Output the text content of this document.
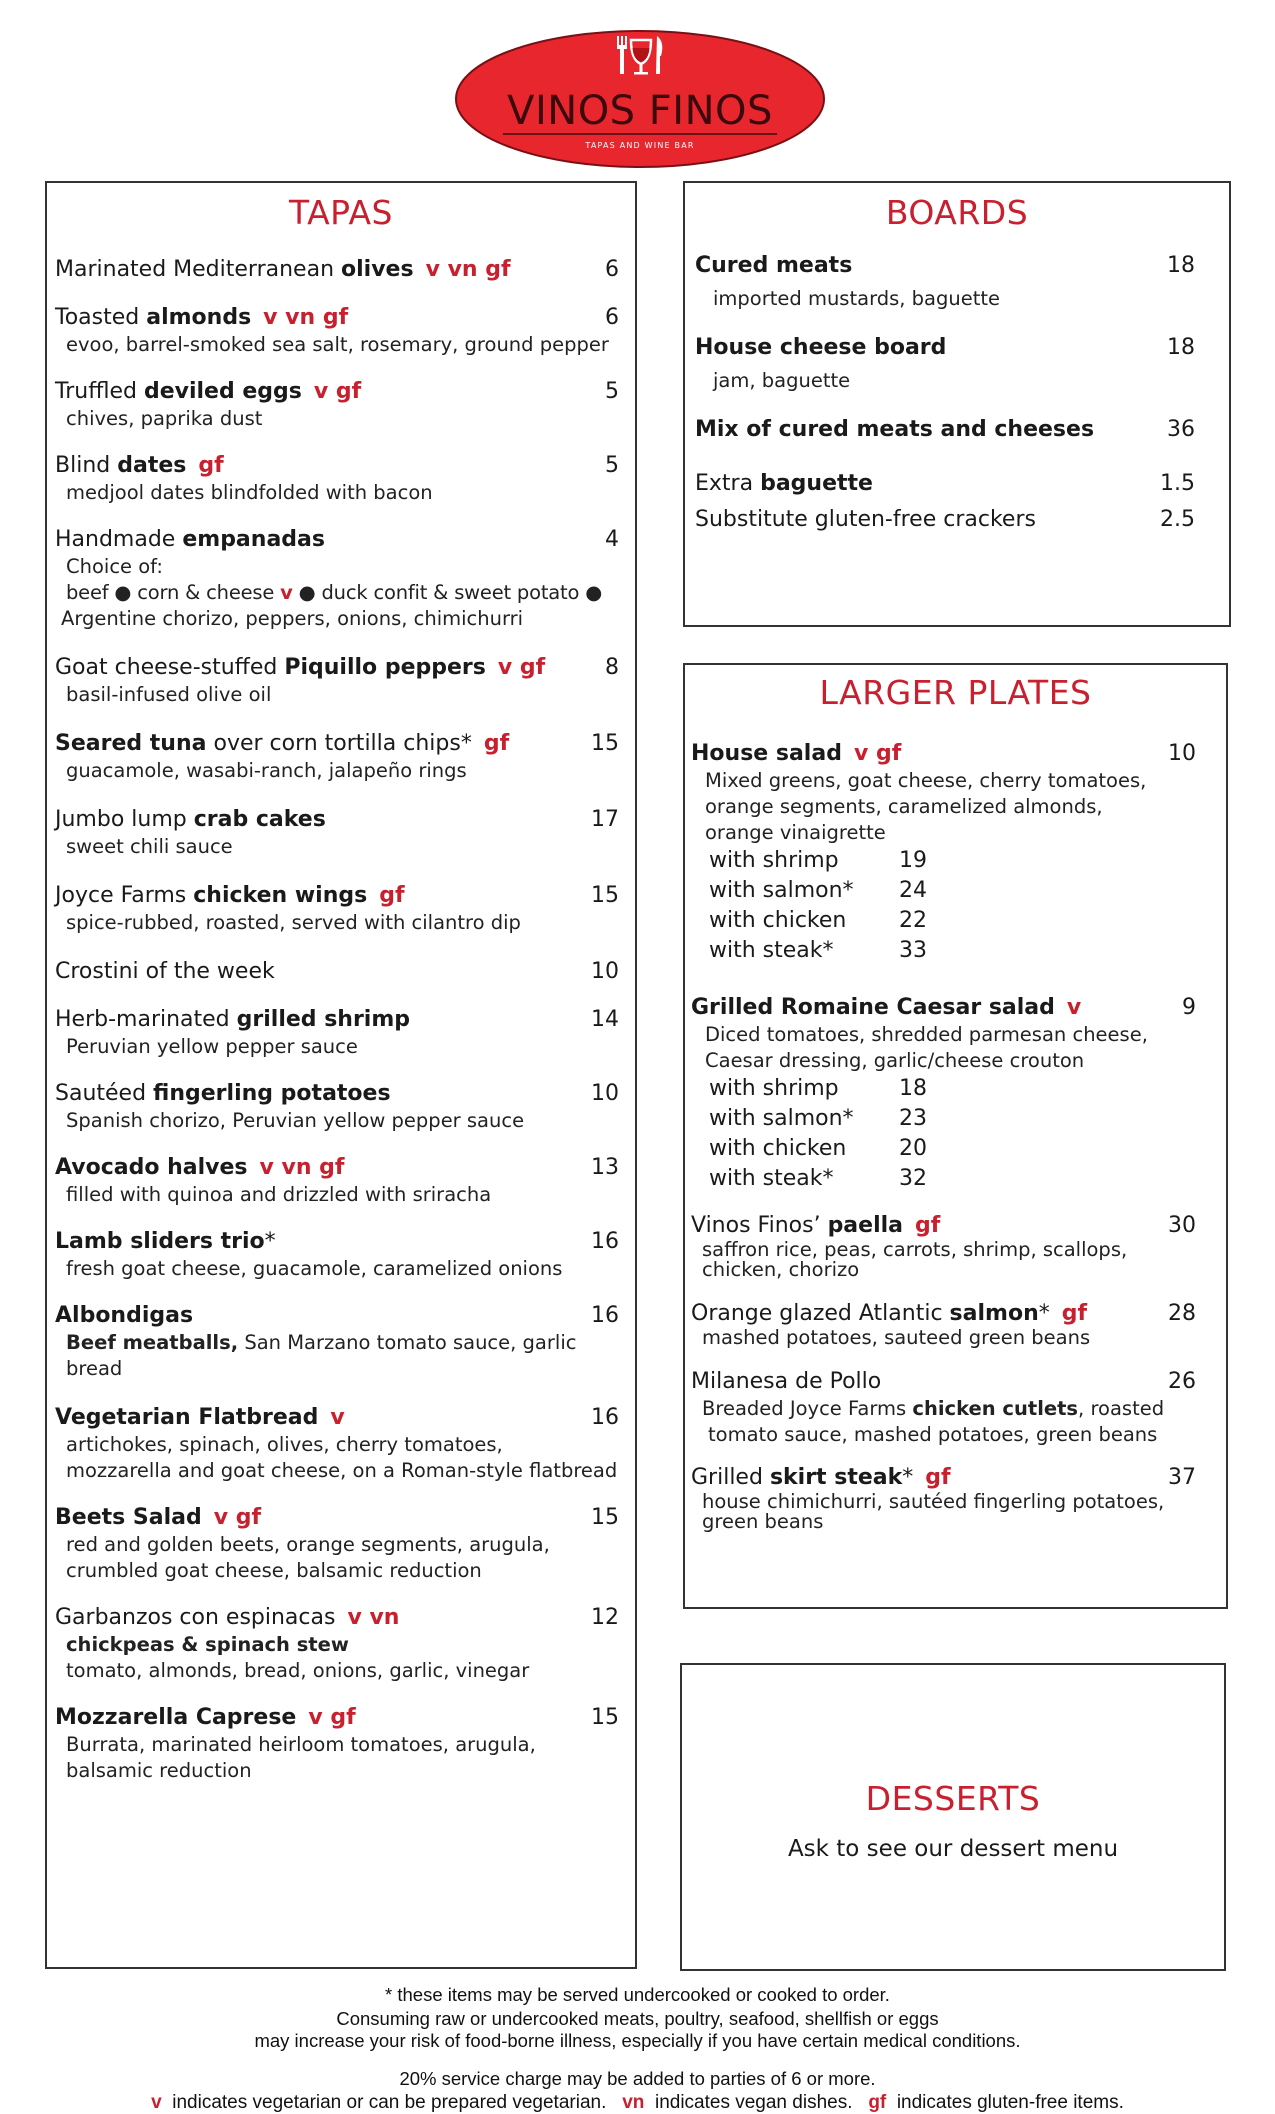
VINOS FINOS
TAPAS AND WINE BAR
TAPAS
Marinated Mediterranean olives v vn gf	6
Toasted almonds v vn gf	6
evoo, barrel-smoked sea salt, rosemary, ground pepper
Truffled deviled eggs v gf	5
chives, paprika dust
Blind dates gf	5
medjool dates blindfolded with bacon
Handmade empanadas	4
Choice of:
beef ● corn & cheese v ● duck confit & sweet potato ●
Argentine chorizo, peppers, onions, chimichurri
Goat cheese-stuffed Piquillo peppers v gf	8
basil-infused olive oil
Seared tuna over corn tortilla chips* gf	15
guacamole, wasabi-ranch, jalapeño rings
Jumbo lump crab cakes	17
sweet chili sauce
Joyce Farms chicken wings gf	15
spice-rubbed, roasted, served with cilantro dip
Crostini of the week	10
Herb-marinated grilled shrimp	14
Peruvian yellow pepper sauce
Sautéed fingerling potatoes	10
Spanish chorizo, Peruvian yellow pepper sauce
Avocado halves v vn gf	13
filled with quinoa and drizzled with sriracha
Lamb sliders trio*	16
fresh goat cheese, guacamole, caramelized onions
Albondigas	16
Beef meatballs, San Marzano tomato sauce, garlic bread
Vegetarian Flatbread v	16
artichokes, spinach, olives, cherry tomatoes,
mozzarella and goat cheese, on a Roman-style flatbread
Beets Salad v gf	15
red and golden beets, orange segments, arugula,
crumbled goat cheese, balsamic reduction
Garbanzos con espinacas v vn	12
chickpeas & spinach stew
tomato, almonds, bread, onions, garlic, vinegar
Mozzarella Caprese v gf	15
Burrata, marinated heirloom tomatoes, arugula,
balsamic reduction
BOARDS
Cured meats	18
imported mustards, baguette
House cheese board	18
jam, baguette
Mix of cured meats and cheeses	36
Extra baguette	1.5
Substitute gluten-free crackers	2.5
LARGER PLATES
House salad v gf	10
Mixed greens, goat cheese, cherry tomatoes,
orange segments, caramelized almonds,
orange vinaigrette
with shrimp	19
with salmon*	24
with chicken	22
with steak*	33
Grilled Romaine Caesar salad v	9
Diced tomatoes, shredded parmesan cheese,
Caesar dressing, garlic/cheese crouton
with shrimp	18
with salmon*	23
with chicken	20
with steak*	32
Vinos Finos’ paella gf	30
saffron rice, peas, carrots, shrimp, scallops,
chicken, chorizo
Orange glazed Atlantic salmon* gf	28
mashed potatoes, sauteed green beans
Milanesa de Pollo	26
Breaded Joyce Farms chicken cutlets, roasted
tomato sauce, mashed potatoes, green beans
Grilled skirt steak* gf	37
house chimichurri, sautéed fingerling potatoes,
green beans
DESSERTS
Ask to see our dessert menu
* these items may be served undercooked or cooked to order.
Consuming raw or undercooked meats, poultry, seafood, shellfish or eggs
may increase your risk of food-borne illness, especially if you have certain medical conditions.
20% service charge may be added to parties of 6 or more.
v indicates vegetarian or can be prepared vegetarian. vn indicates vegan dishes. gf indicates gluten-free items.
